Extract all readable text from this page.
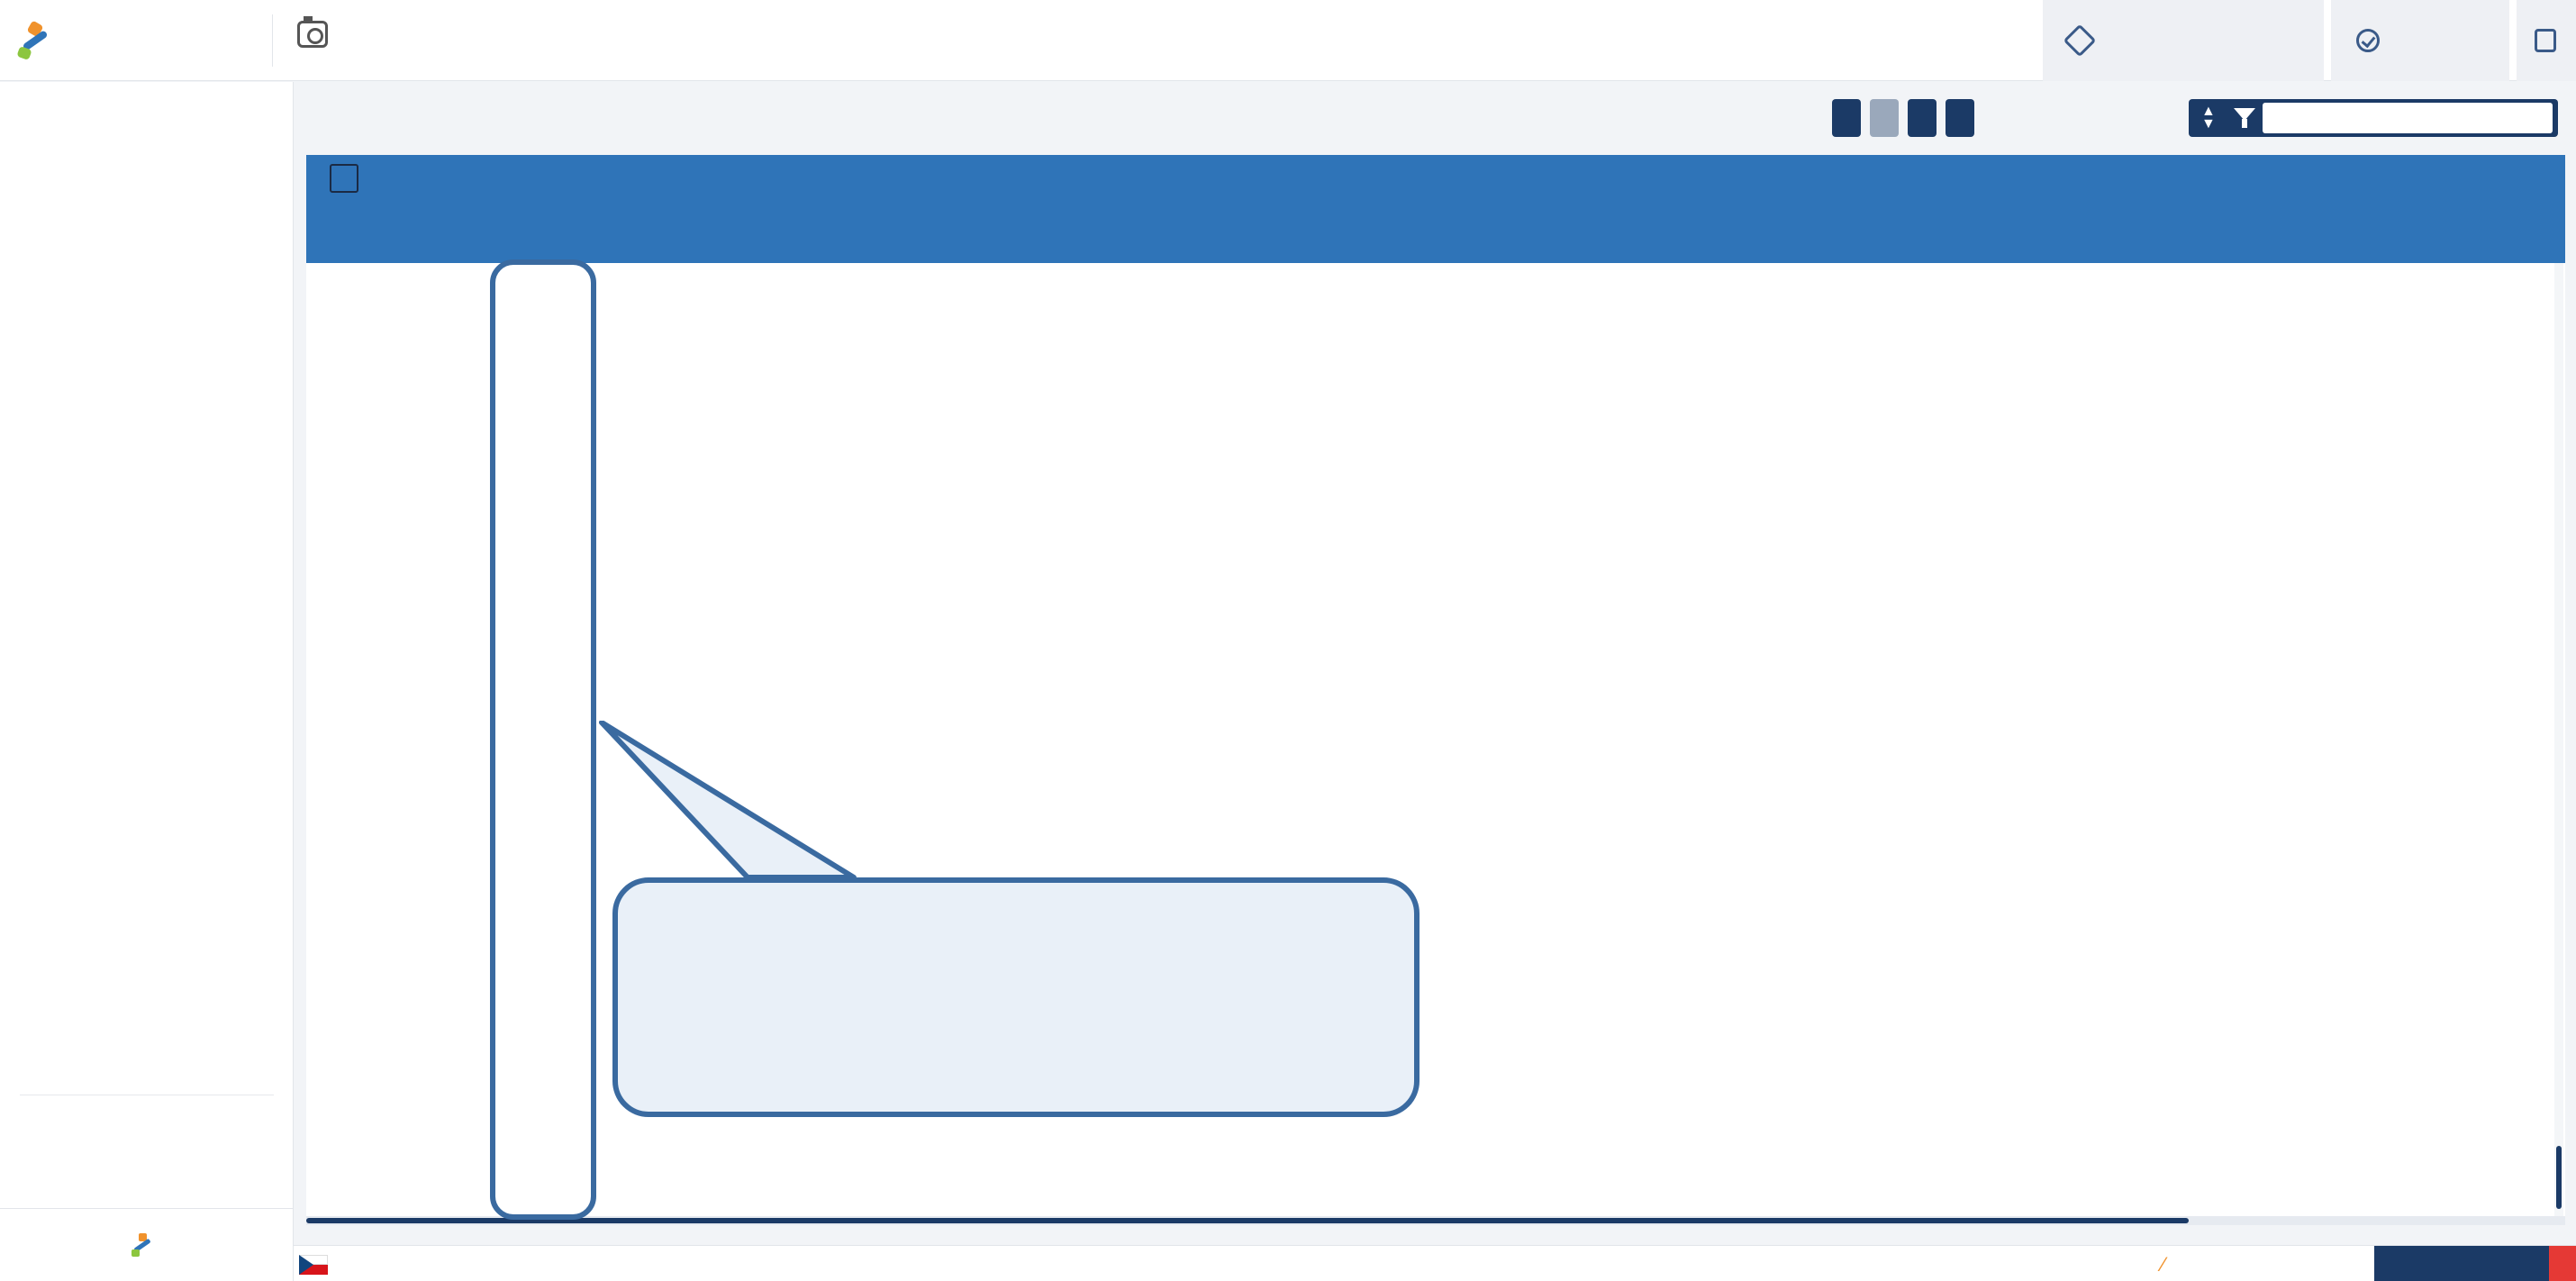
▲
▼
⁄
